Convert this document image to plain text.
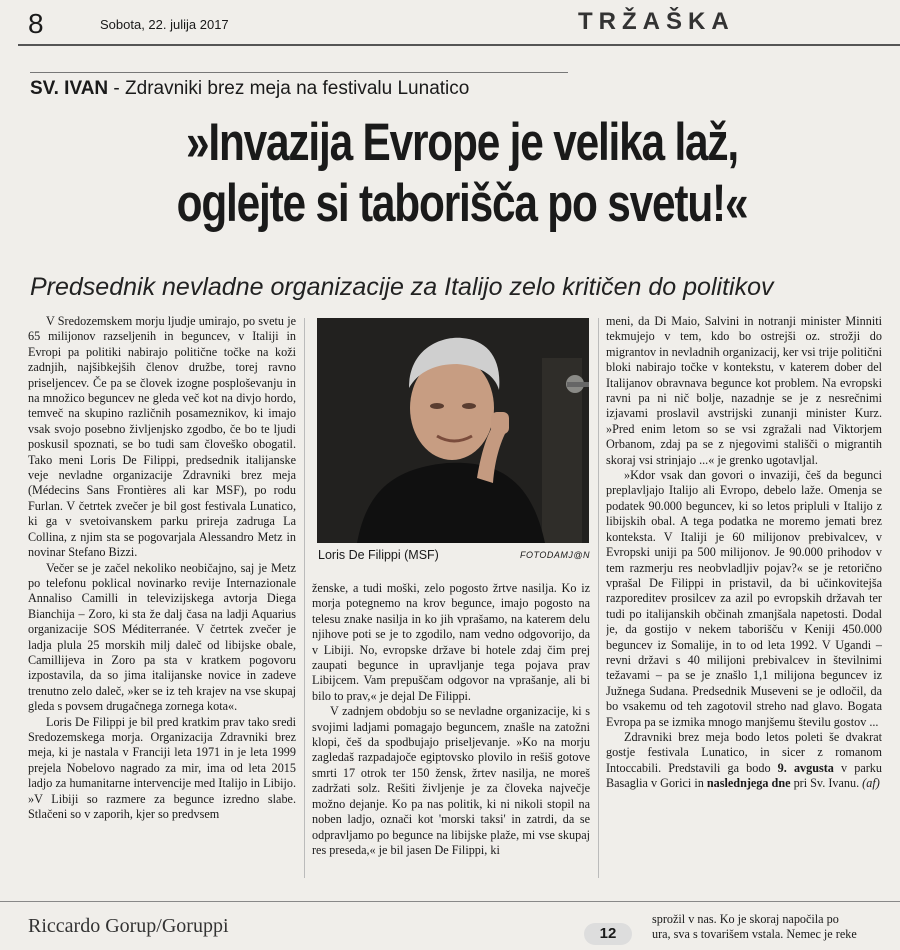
8	Sobota, 22. julija 2017	TRŽAŠKA
SV. IVAN - Zdravniki brez meja na festivalu Lunatico
»Invazija Evrope je velika laž,
oglejte si taborišča po svetu!«
Predsednik nevladne organizacije za Italijo zelo kritičen do politikov

V Sredozemskem morju ljudje umirajo, po svetu je 65 milijonov razseljenih in beguncev, v Italiji in Evropi pa politiki nabirajo politične točke na koži zadnjih, najšibkejših členov družbe, torej ravno priseljencev. Če pa se človek izogne posploševanju in na množico beguncev ne gleda več kot na divjo hordo, temveč na skupino različnih posameznikov, ki imajo vsak svojo posebno življenjsko zgodbo, če bo te ljudi poskusil spoznati, se bo tudi sam človeško obogatil. Tako meni Loris De Filippi, predsednik italijanske veje nevladne organizacije Zdravniki brez meja (Médecins Sans Frontières ali kar MSF), po rodu Furlan. V četrtek zvečer je bil gost festivala Lunatico, ki ga v svetoivanskem parku prireja zadruga La Collina, z njim sta se pogovarjala Alessandro Metz in novinar Stefano Bizzi.

Večer se je začel nekoliko neobičajno, saj je Metz po telefonu poklical novinarko revije Internazionale Annaliso Camilli in televizijskega avtorja Diega Bianchija – Zoro, ki sta že dalj časa na ladji Aquarius organizacije SOS Méditerranée. V četrtek zvečer je ladja plula 25 morskih milj daleč od libijske obale, Camillijeva in Zoro pa sta v kratkem pogovoru izpostavila, da so jima italijanske novice in zadeve trenutno zelo daleč, »ker se iz teh krajev na vse skupaj gleda s povsem drugačnega zornega kota«.

Loris De Filippi je bil pred kratkim prav tako sredi Sredozemskega morja. Organizacija Zdravniki brez meja, ki je nastala v Franciji leta 1971 in je leta 1999 prejela Nobelovo nagrado za mir, ima od leta 2015 ladjo za humanitarne intervencije med Italijo in Libijo. »V Libiji so razmere za begunce izredno slabe. Stlačeni so v zaporih, kjer so predvsem

Loris De Filippi (MSF)	FOTODAMJ@N

ženske, a tudi moški, zelo pogosto žrtve nasilja. Ko iz morja potegnemo na krov begunce, imajo pogosto na telesu znake nasilja in ko jih vprašamo, na katerem delu njihove poti se je to zgodilo, nam vedno odgovorijo, da v Libiji. No, evropske države bi hotele zdaj čim prej zaupati begunce in upravljanje tega pojava prav Libijcem. Vam prepuščam odgovor na vprašanje, ali bi bilo to prav,« je dejal De Filippi.

V zadnjem obdobju so se nevladne organizacije, ki s svojimi ladjami pomagajo beguncem, znašle na zatožni klopi, češ da spodbujajo priseljevanje. »Ko na morju zagledaš razpadajoče egiptovsko plovilo in rešiš gotove smrti 17 otrok ter 150 žensk, žrtev nasilja, ne moreš zadržati solz. Rešiti življenje je za človeka največje možno dejanje. Ko pa nas politik, ki ni nikoli stopil na noben ladjo, označi kot 'morski taksi' in zatrdi, da se odpravljamo po begunce na libijske plaže, mi vse skupaj res preseda,« je bil jasen De Filippi, ki

meni, da Di Maio, Salvini in notranji minister Minniti tekmujejo v tem, kdo bo ostrejši oz. strožji do migrantov in nevladnih organizacij, ker vsi trije politični bloki nabirajo točke v kontekstu, v katerem dober del Italijanov obravnava begunce kot problem. Na evropski ravni pa ni nič bolje, nazadnje se je z nesrečnimi izjavami proslavil avstrijski zunanji minister Kurz. »Pred enim letom so se vsi zgražali nad Viktorjem Orbanom, zdaj pa se z njegovimi stališči o migrantih skoraj vsi strinjajo ...« je grenko ugotavljal.

»Kdor vsak dan govori o invaziji, češ da begunci preplavljajo Italijo ali Evropo, debelo laže. Omenja se podatek 90.000 beguncev, ki so letos pripluli v Italijo z libijskih obal. A tega podatka ne moremo jemati brez konteksta. V Italiji je 60 milijonov prebivalcev, v Evropski uniji pa 500 milijonov. Je 90.000 prihodov v tem razmerju res neobvladljiv pojav?« se je retorično vprašal De Filippi in pristavil, da bi učinkovitejša razporeditev prosilcev za azil po evropskih državah ter tudi po italijanskih občinah zmanjšala napetosti. Dodal je, da gostijo v nekem taborišču v Keniji 450.000 beguncev iz Somalije, in to od leta 1992. V Ugandi – revni državi s 40 milijoni prebivalcev in številnimi težavami – pa se je znašlo 1,1 milijona beguncev iz Južnega Sudana. Predsednik Museveni se je odločil, da bo vsakemu od teh zagotovil streho nad glavo. Bogata Evropa pa se izmika mnogo manjšemu številu gostov ...

Zdravniki brez meja bodo letos poleti še dvakrat gostje festivala Lunatico, in sicer z romanom Intoccabili. Predstavili ga bodo 9. avgusta v parku Basaglia v Gorici in naslednjega dne pri Sv. Ivanu. (af)

Riccardo Gorup/Goruppi	12
sprožil v nas. Ko je skoraj napočila po
ura, sva s tovarišem vstala. Nemec je reke
